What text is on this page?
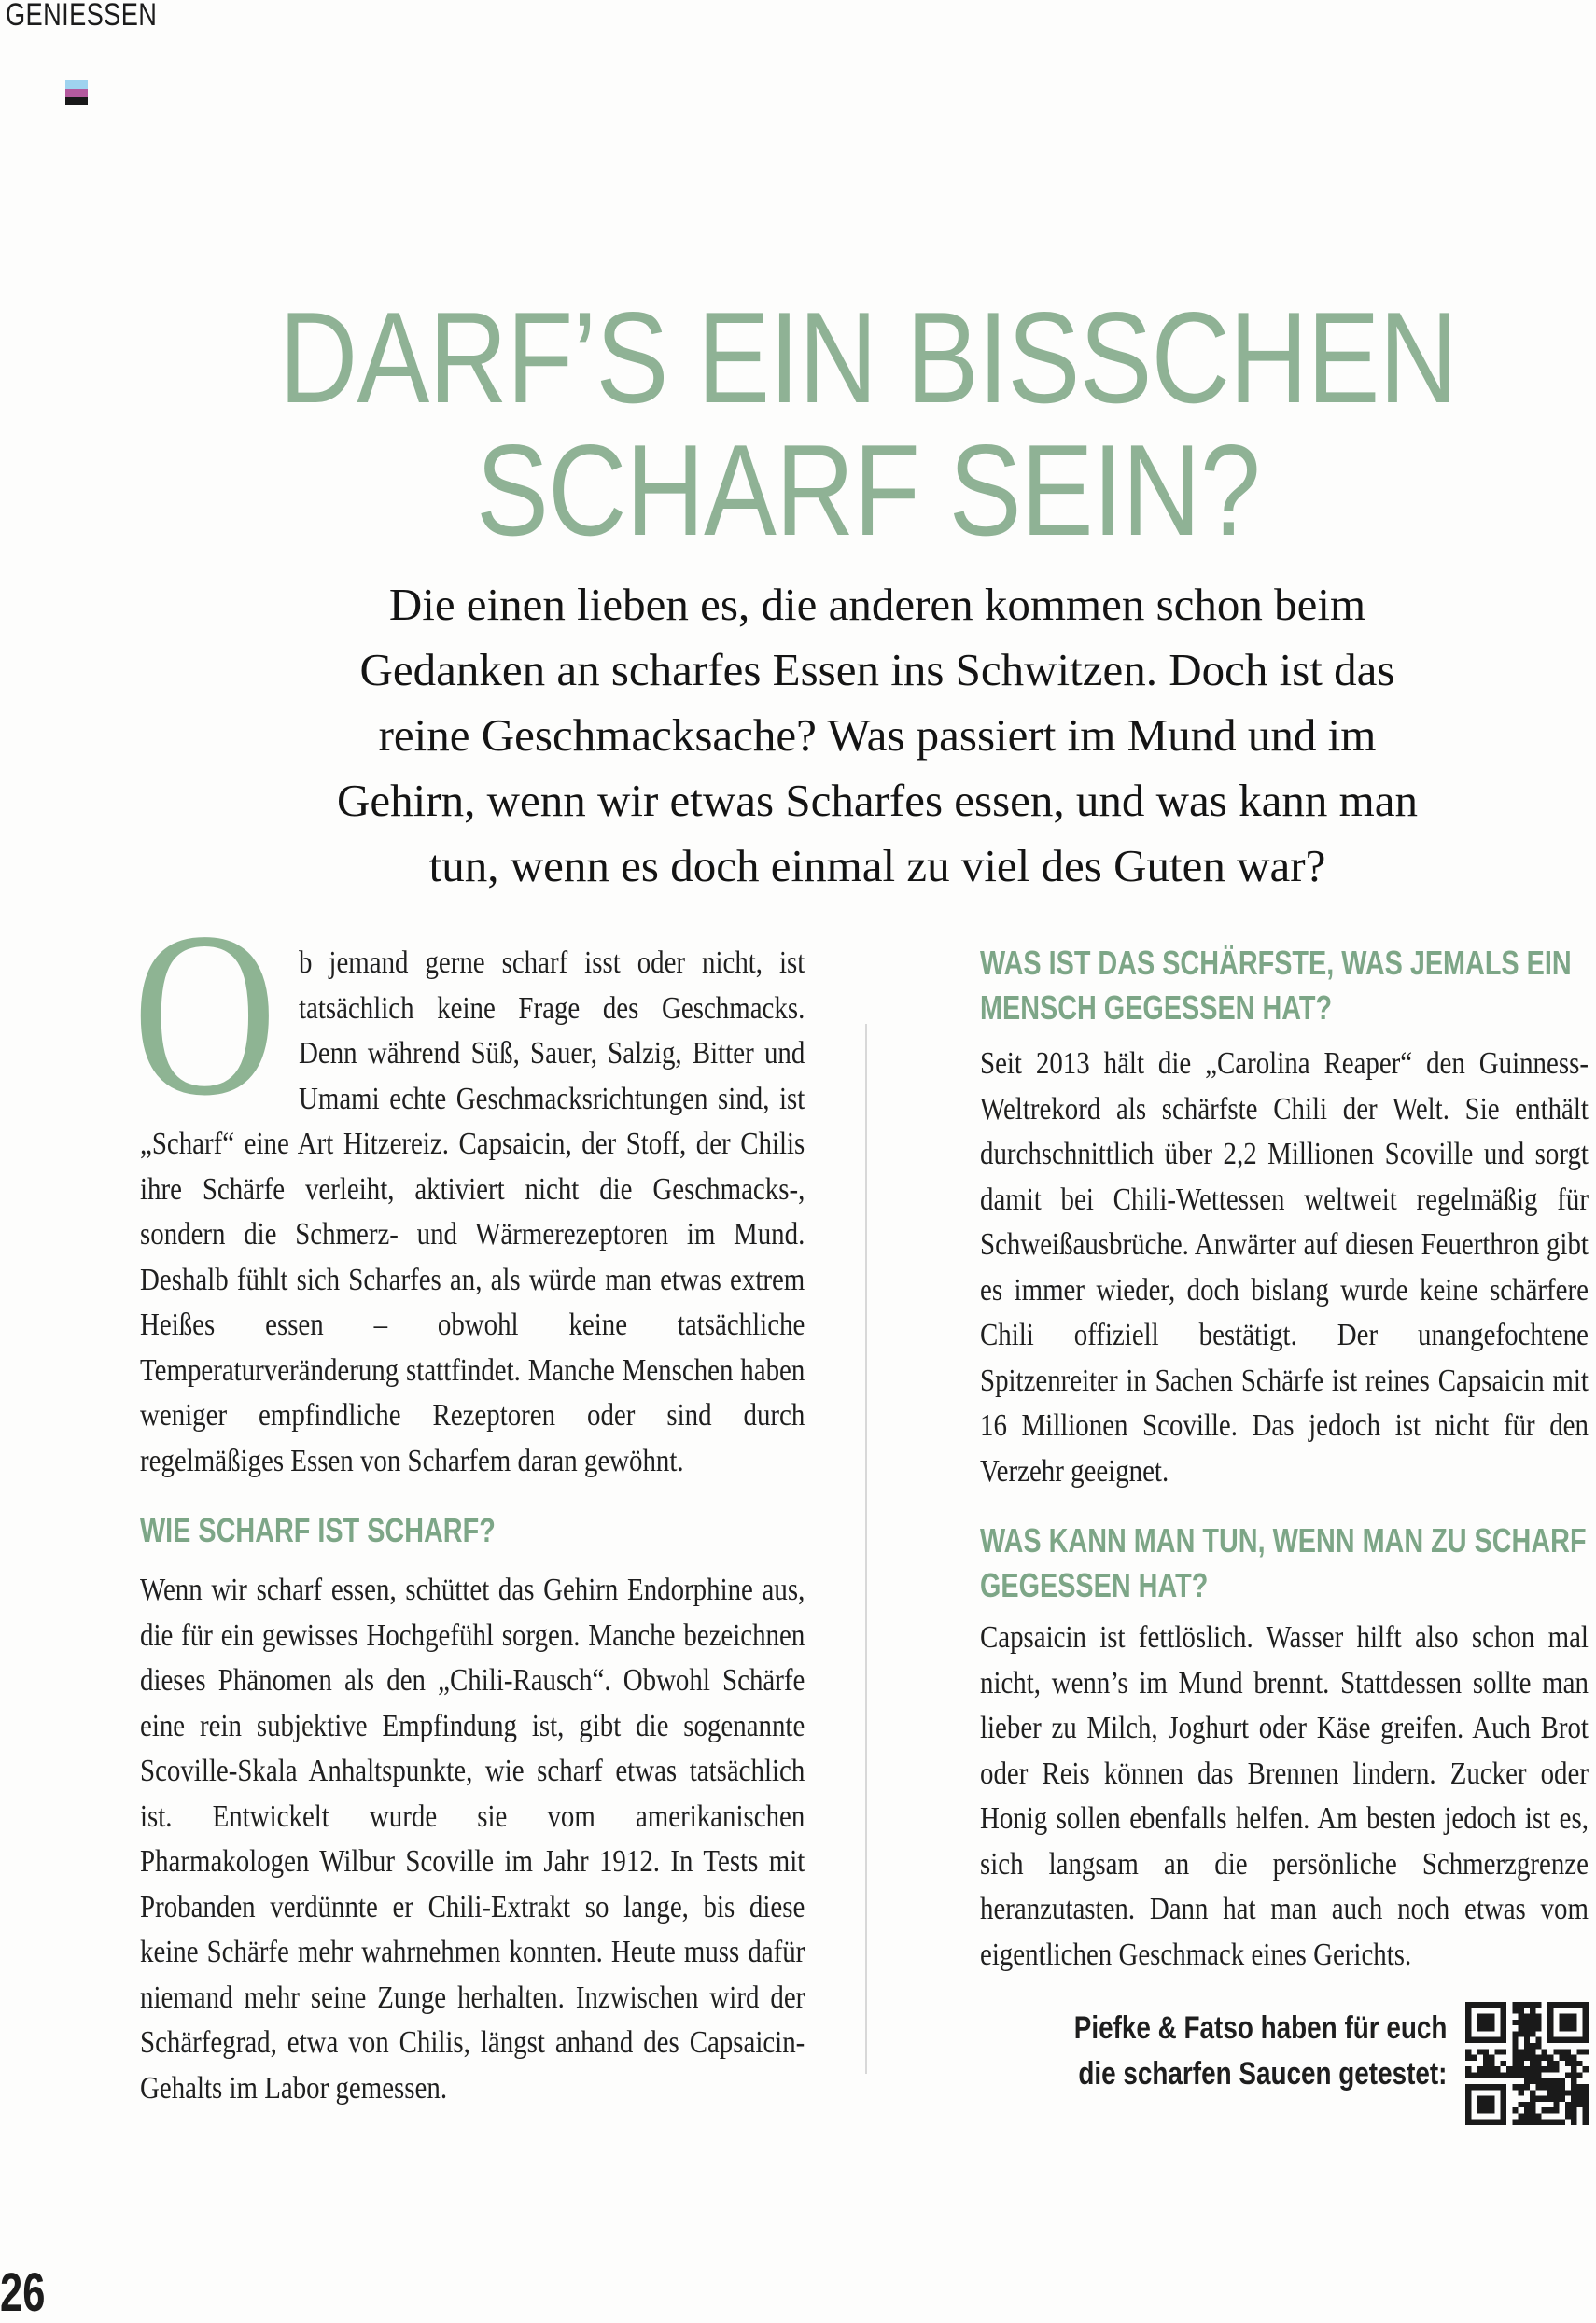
GENIESSEN
DARF’S EIN BISSCHEN
SCHARF SEIN?

Die einen lieben es, die anderen kommen schon beim Gedanken an scharfes Essen ins Schwitzen. Doch ist das reine Geschmacksache? Was passiert im Mund und im Gehirn, wenn wir etwas Scharfes essen, und was kann man tun, wenn es doch einmal zu viel des Guten war?

O b jemand gerne scharf isst oder nicht, ist tatsächlich keine Frage des Geschmacks. Denn während Süß, Sauer, Salzig, Bitter und Umami echte Geschmacksrichtungen sind, ist „Scharf“ eine Art Hitzereiz. Capsaicin, der Stoff, der Chilis ihre Schärfe verleiht, aktiviert nicht die Geschmacks-, sondern die Schmerz- und Wärmerezeptoren im Mund. Deshalb fühlt sich Scharfes an, als würde man etwas extrem Heißes essen – obwohl keine tatsächliche Temperaturveränderung stattfindet. Manche Menschen haben weniger empfindliche Rezeptoren oder sind durch regelmäßiges Essen von Scharfem daran gewöhnt.

WIE SCHARF IST SCHARF?

Wenn wir scharf essen, schüttet das Gehirn Endorphine aus, die für ein gewisses Hochgefühl sorgen. Manche bezeichnen dieses Phänomen als den „Chili-Rausch“. Obwohl Schärfe eine rein subjektive Empfindung ist, gibt die sogenannte Scoville-Skala Anhaltspunkte, wie scharf etwas tatsächlich ist. Entwickelt wurde sie vom amerikanischen Pharmakologen Wilbur Scoville im Jahr 1912. In Tests mit Probanden verdünnte er Chili-Extrakt so lange, bis diese keine Schärfe mehr wahrnehmen konnten. Heute muss dafür niemand mehr seine Zunge herhalten. Inzwischen wird der Schärfegrad, etwa von Chilis, längst anhand des Capsaicin-Gehalts im Labor gemessen.

WAS IST DAS SCHÄRFSTE, WAS JEMALS EIN
MENSCH GEGESSEN HAT?

Seit 2013 hält die „Carolina Reaper“ den Guinness-Weltrekord als schärfste Chili der Welt. Sie enthält durchschnittlich über 2,2 Millionen Scoville und sorgt damit bei Chili-Wettessen weltweit regelmäßig für Schweißausbrüche. Anwärter auf diesen Feuerthron gibt es immer wieder, doch bislang wurde keine schärfere Chili offiziell bestätigt. Der unangefochtene Spitzenreiter in Sachen Schärfe ist reines Capsaicin mit 16 Millionen Scoville. Das jedoch ist nicht für den Verzehr geeignet.

WAS KANN MAN TUN, WENN MAN ZU SCHARF
GEGESSEN HAT?

Capsaicin ist fettlöslich. Wasser hilft also schon mal nicht, wenn’s im Mund brennt. Stattdessen sollte man lieber zu Milch, Joghurt oder Käse greifen. Auch Brot oder Reis können das Brennen lindern. Zucker oder Honig sollen ebenfalls helfen. Am besten jedoch ist es, sich langsam an die persönliche Schmerzgrenze heranzutasten. Dann hat man auch noch etwas vom eigentlichen Geschmack eines Gerichts.

Piefke & Fatso haben für euch
die scharfen Saucen getestet:
26
